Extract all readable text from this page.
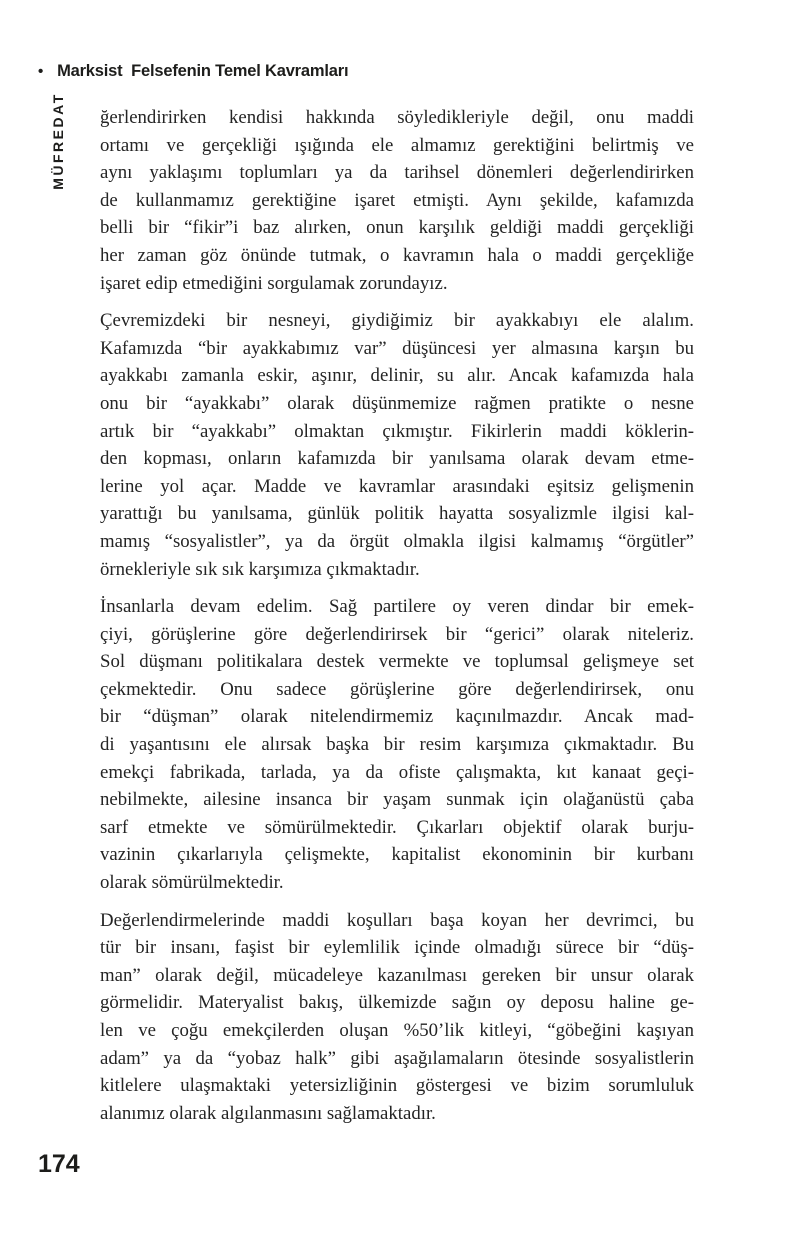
• Marksist  Felsefenin Temel Kavramları
MÜFREDAT ğerlendirirken kendisi hakkında söyledikleriyle değil, onu maddi
ortamı ve gerçekliği ışığında ele almamız gerektiğini belirtmiş ve
aynı yaklaşımı toplumları ya da tarihsel dönemleri değerlendirirken
de kullanmamız gerektiğine işaret etmişti. Aynı şekilde, kafamızda
belli bir “fikir”i baz alırken, onun karşılık geldiği maddi gerçekliği
her zaman göz önünde tutmak, o kavramın hala o maddi gerçekliğe
işaret edip etmediğini sorgulamak zorundayız.
Çevremizdeki bir nesneyi, giydiğimiz bir ayakkabıyı ele alalım.
Kafamızda “bir ayakkabımız var” düşüncesi yer almasına karşın bu
ayakkabı zamanla eskir, aşınır, delinir, su alır. Ancak kafamızda hala
onu bir “ayakkabı” olarak düşünmemize rağmen pratikte o nesne
artık bir “ayakkabı” olmaktan çıkmıştır. Fikirlerin maddi köklerin-
den kopması, onların kafamızda bir yanılsama olarak devam etme-
lerine yol açar. Madde ve kavramlar arasındaki eşitsiz gelişmenin
yarattığı bu yanılsama, günlük politik hayatta sosyalizmle ilgisi kal-
mamış “sosyalistler”, ya da örgüt olmakla ilgisi kalmamış “örgütler”
örnekleriyle sık sık karşımıza çıkmaktadır.
İnsanlarla devam edelim. Sağ partilere oy veren dindar bir emek-
çiyi, görüşlerine göre değerlendirirsek bir “gerici” olarak niteleriz.
Sol düşmanı politikalara destek vermekte ve toplumsal gelişmeye set
çekmektedir. Onu sadece görüşlerine göre değerlendirirsek, onu
bir “düşman” olarak nitelendirmemiz kaçınılmazdır. Ancak mad-
di yaşantısını ele alırsak başka bir resim karşımıza çıkmaktadır. Bu
emekçi fabrikada, tarlada, ya da ofiste çalışmakta, kıt kanaat geçi-
nebilmekte, ailesine insanca bir yaşam sunmak için olağanüstü çaba
sarf etmekte ve sömürülmektedir. Çıkarları objektif olarak burju-
vazinin çıkarlarıyla çelişmekte, kapitalist ekonominin bir kurbanı
olarak sömürülmektedir.
Değerlendirmelerinde maddi koşulları başa koyan her devrimci, bu
tür bir insanı, faşist bir eylemlilik içinde olmadığı sürece bir “düş-
man” olarak değil, mücadeleye kazanılması gereken bir unsur olarak
görmelidir. Materyalist bakış, ülkemizde sağın oy deposu haline ge-
len ve çoğu emekçilerden oluşan %50’lik kitleyi, “göbeğini kaşıyan
adam” ya da “yobaz halk” gibi aşağılamaların ötesinde sosyalistlerin
kitlelere ulaşmaktaki yetersizliğinin göstergesi ve bizim sorumluluk
alanımız olarak algılanmasını sağlamaktadır.
174
